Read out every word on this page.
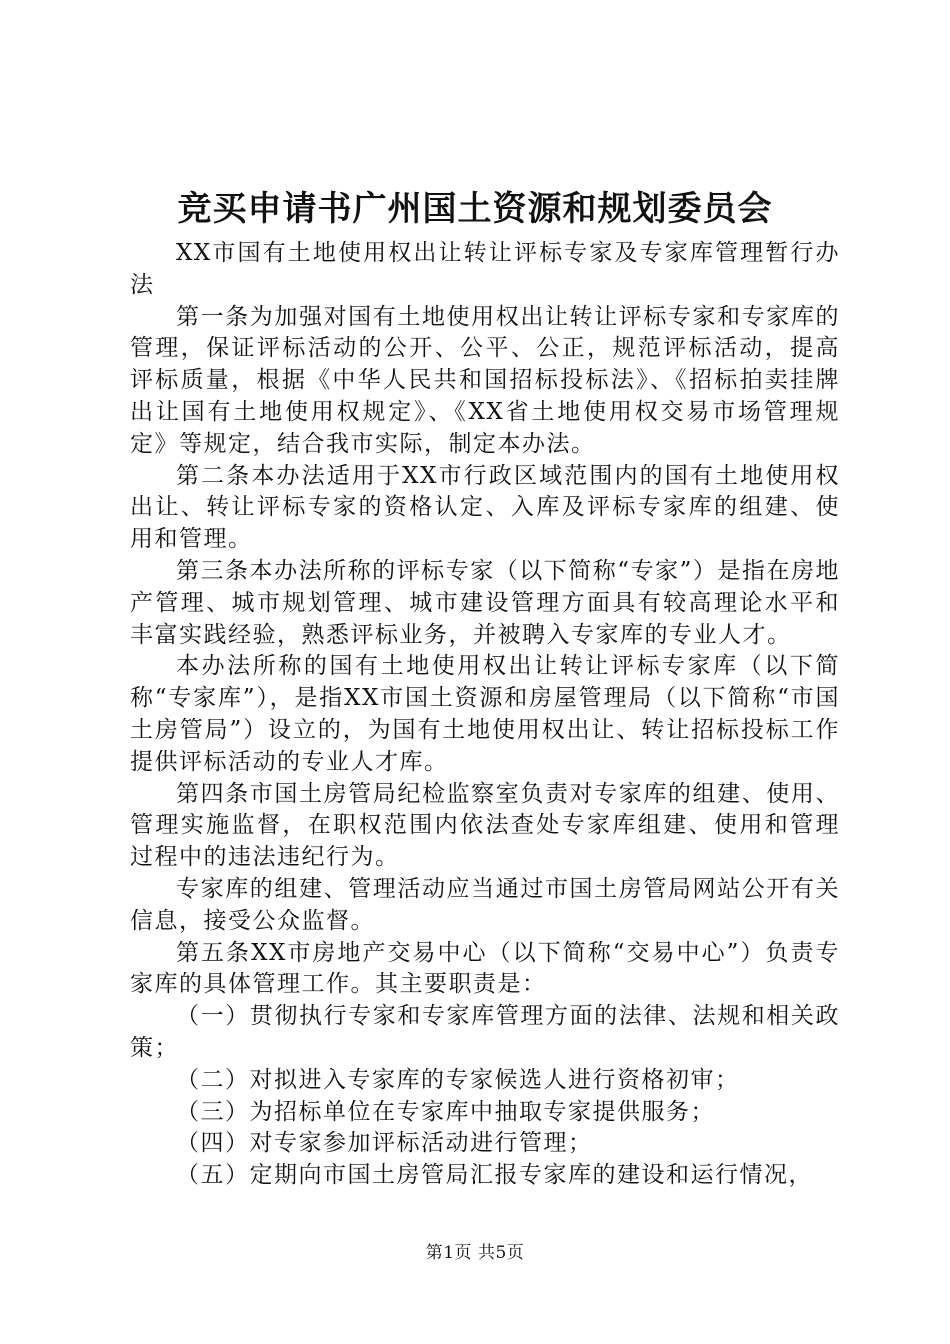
竞买申请书广州国土资源和规划委员会

XX市国有土地使用权出让转让评标专家及专家库管理暂行办法

第一条为加强对国有土地使用权出让转让评标专家和专家库的管理，保证评标活动的公开、公平、公正，规范评标活动，提高评标质量，根据《中华人民共和国招标投标法》、《招标拍卖挂牌出让国有土地使用权规定》、《XX省土地使用权交易市场管理规定》等规定，结合我市实际，制定本办法。

第二条本办法适用于XX市行政区域范围内的国有土地使用权出让、转让评标专家的资格认定、入库及评标专家库的组建、使用和管理。

第三条本办法所称的评标专家（以下简称“专家”）是指在房地产管理、城市规划管理、城市建设管理方面具有较高理论水平和丰富实践经验，熟悉评标业务，并被聘入专家库的专业人才。

本办法所称的国有土地使用权出让转让评标专家库（以下简称“专家库”），是指XX市国土资源和房屋管理局（以下简称“市国土房管局”）设立的，为国有土地使用权出让、转让招标投标工作提供评标活动的专业人才库。

第四条市国土房管局纪检监察室负责对专家库的组建、使用、管理实施监督，在职权范围内依法查处专家库组建、使用和管理过程中的违法违纪行为。

专家库的组建、管理活动应当通过市国土房管局网站公开有关信息，接受公众监督。

第五条XX市房地产交易中心（以下简称“交易中心”）负责专家库的具体管理工作。其主要职责是：

（一）贯彻执行专家和专家库管理方面的法律、法规和相关政策；

（二）对拟进入专家库的专家候选人进行资格初审；

（三）为招标单位在专家库中抽取专家提供服务；

（四）对专家参加评标活动进行管理；

（五）定期向市国土房管局汇报专家库的建设和运行情况，

第1页 共5页
